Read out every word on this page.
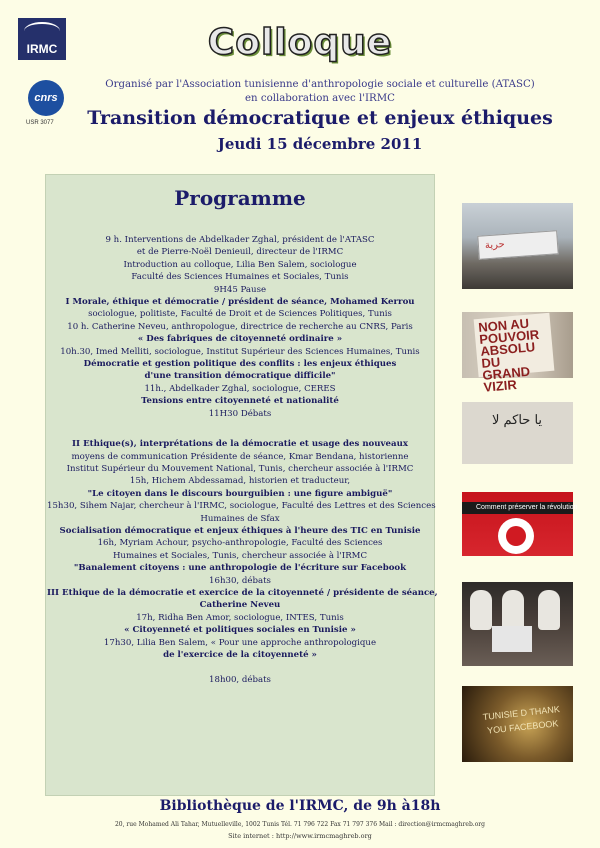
IRMC
cnrs
USR 3077
Colloque
Organisé par l'Association tunisienne d'anthropologie sociale et culturelle (ATASC)
en collaboration avec l'IRMC
Transition démocratique et enjeux éthiques
Jeudi 15 décembre 2011
Programme
9 h. Interventions de Abdelkader Zghal, président de l'ATASC
et de Pierre-Noël Denieuil, directeur de l'IRMC
Introduction au colloque, Lilia Ben Salem, sociologue
Faculté des Sciences Humaines et Sociales, Tunis
9H45 Pause
I Morale, éthique et démocratie / président de séance, Mohamed Kerrou
sociologue, politiste, Faculté de Droit et de Sciences Politiques, Tunis
10 h. Catherine Neveu, anthropologue, directrice de recherche au CNRS, Paris
« Des fabriques de citoyenneté ordinaire »
10h.30, Imed Melliti, sociologue, Institut Supérieur des Sciences Humaines, Tunis
Démocratie et gestion politique des conflits : les enjeux éthiques
d'une transition démocratique difficile"
11h., Abdelkader Zghal, sociologue, CERES
Tensions entre citoyenneté et nationalité
11H30 Débats
II Ethique(s), interprétations de la démocratie et usage des nouveaux
moyens de communication Présidente de séance, Kmar Bendana, historienne
Institut Supérieur du Mouvement National, Tunis, chercheur associée à l'IRMC
15h, Hichem Abdessamad, historien et traducteur,
"Le citoyen dans le discours bourguibien : une figure ambiguë"
15h30, Sihem Najar, chercheur à l'IRMC, sociologue, Faculté des Lettres et des Sciences
Humaines de Sfax
Socialisation démocratique et enjeux éthiques à l'heure des TIC en Tunisie
16h, Myriam Achour, psycho-anthropologie, Faculté des Sciences
Humaines et Sociales, Tunis, chercheur associée à l'IRMC
"Banalement citoyens : une anthropologie de l'écriture sur Facebook
16h30, débats
III Ethique de la démocratie et exercice de la citoyenneté / présidente de séance,
Catherine Neveu
17h, Ridha Ben Amor, sociologue, INTES, Tunis
« Citoyenneté et politiques sociales en Tunisie »
17h30, Lilia Ben Salem, « Pour une approche anthropologique
de l'exercice de la citoyenneté »
18h00, débats
حرية
NON AU POUVOIR ABSOLU DU GRAND VIZIR
يا حاكم لا
Comment préserver la révolution
TUNISIE D THANK YOU FACEBOOK
Bibliothèque de l'IRMC, de 9h à18h
20, rue Mohamed Ali Tahar, Mutuelleville, 1002 Tunis Tél. 71 796 722 Fax 71 797 376 Mail : direction@irmcmaghreb.org
Site internet : http://www.irmcmaghreb.org
